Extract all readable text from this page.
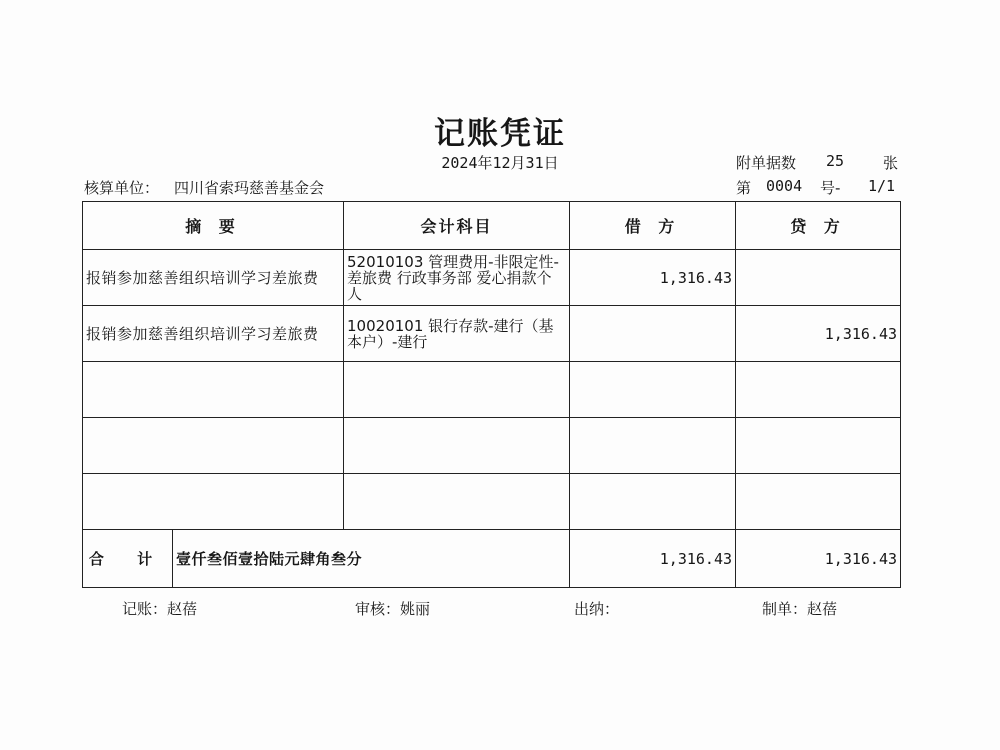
记账凭证
2024年12月31日	附单据数 25	张
核算单位： 四川省索玛慈善基金会	第 0004 号- 1/1
摘 要		会计科目	借 方	贷 方
报销参加慈善组织培训学习差旅费		52010103 管理费用-非限定性-差旅费 行政事务部 爱心捐款个人	1,316.43	
报销参加慈善组织培训学习差旅费		10020101 银行存款-建行（基本户）-建行		1,316.43

合 计	壹仟叁佰壹拾陆元肆角叁分		1,316.43	1,316.43
记账：赵蓓	审核：姚丽	出纳：	制单：赵蓓
